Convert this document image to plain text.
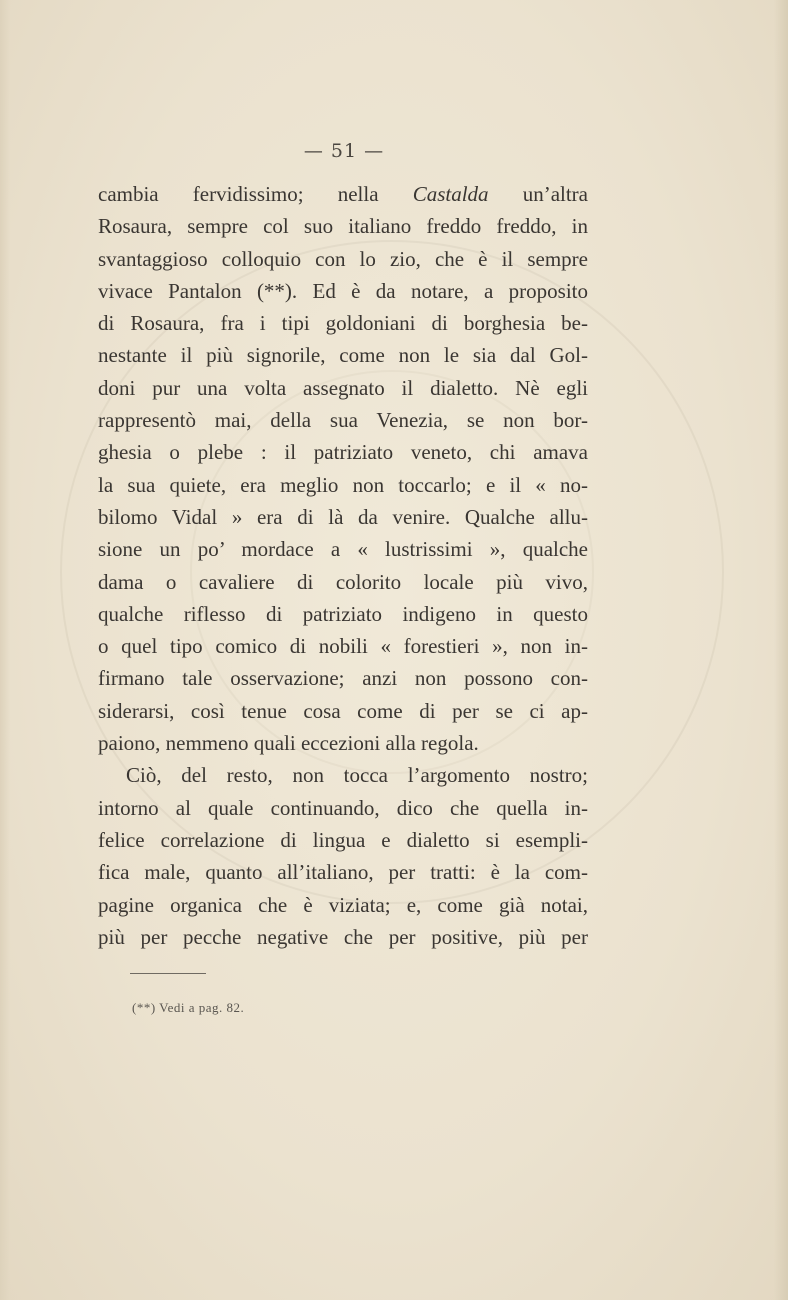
— 51 —
cambia fervidissimo; nella Castalda un’altra
Rosaura, sempre col suo italiano freddo freddo, in
svantaggioso colloquio con lo zio, che è il sempre
vivace Pantalon (**). Ed è da notare, a proposito
di Rosaura, fra i tipi goldoniani di borghesia be-
nestante il più signorile, come non le sia dal Gol-
doni pur una volta assegnato il dialetto. Nè egli
rappresentò mai, della sua Venezia, se non bor-
ghesia o plebe : il patriziato veneto, chi amava
la sua quiete, era meglio non toccarlo; e il « no-
bilomo Vidal » era di là da venire. Qualche allu-
sione un po’ mordace a « lustrissimi », qualche
dama o cavaliere di colorito locale più vivo,
qualche riflesso di patriziato indigeno in questo
o quel tipo comico di nobili « forestieri », non in-
firmano tale osservazione; anzi non possono con-
siderarsi, così tenue cosa come di per se ci ap-
paiono, nemmeno quali eccezioni alla regola.
Ciò, del resto, non tocca l’argomento nostro;
intorno al quale continuando, dico che quella in-
felice correlazione di lingua e dialetto si esempli-
fica male, quanto all’italiano, per tratti: è la com-
pagine organica che è viziata; e, come già notai,
più per pecche negative che per positive, più per
(**) Vedi a pag. 82.
